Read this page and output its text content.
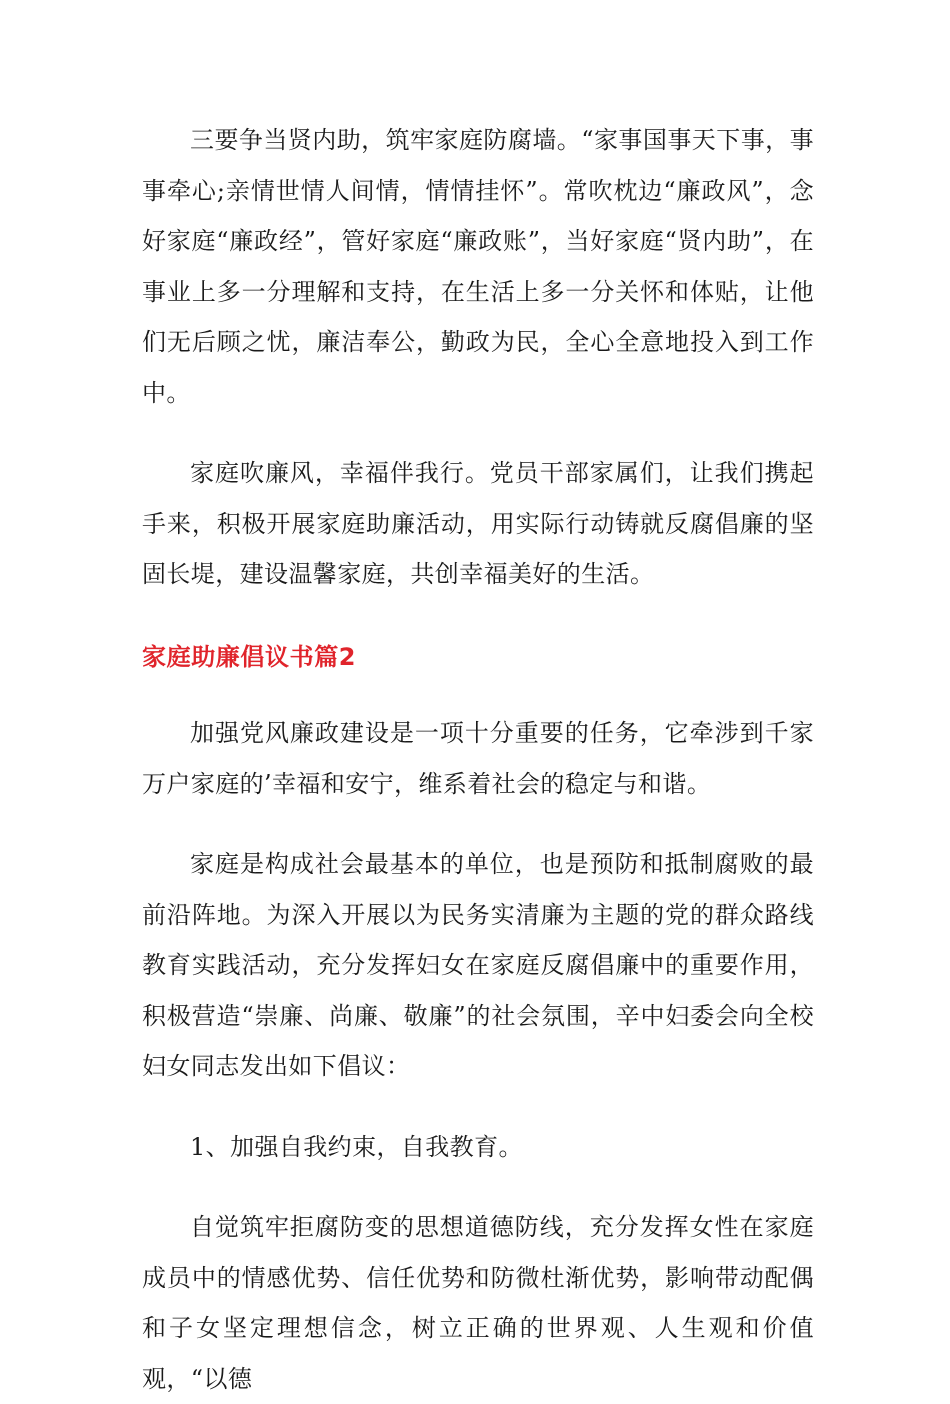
三要争当贤内助，筑牢家庭防腐墙。“家事国事天下事，事事牵心;亲情世情人间情，情情挂怀”。常吹枕边“廉政风”，念好家庭“廉政经”，管好家庭“廉政账”，当好家庭“贤内助”，在事业上多一分理解和支持，在生活上多一分关怀和体贴，让他们无后顾之忧，廉洁奉公，勤政为民，全心全意地投入到工作中。

家庭吹廉风，幸福伴我行。党员干部家属们，让我们携起手来，积极开展家庭助廉活动，用实际行动铸就反腐倡廉的坚固长堤，建设温馨家庭，共创幸福美好的生活。

家庭助廉倡议书篇2

加强党风廉政建设是一项十分重要的任务，它牵涉到千家万户家庭的’幸福和安宁，维系着社会的稳定与和谐。

家庭是构成社会最基本的单位，也是预防和抵制腐败的最前沿阵地。为深入开展以为民务实清廉为主题的党的群众路线教育实践活动，充分发挥妇女在家庭反腐倡廉中的重要作用，积极营造“崇廉、尚廉、敬廉”的社会氛围，辛中妇委会向全校妇女同志发出如下倡议：

1、加强自我约束，自我教育。

自觉筑牢拒腐防变的思想道德防线，充分发挥女性在家庭成员中的情感优势、信任优势和防微杜渐优势，影响带动配偶和子女坚定理想信念，树立正确的世界观、人生观和价值观，“以德
